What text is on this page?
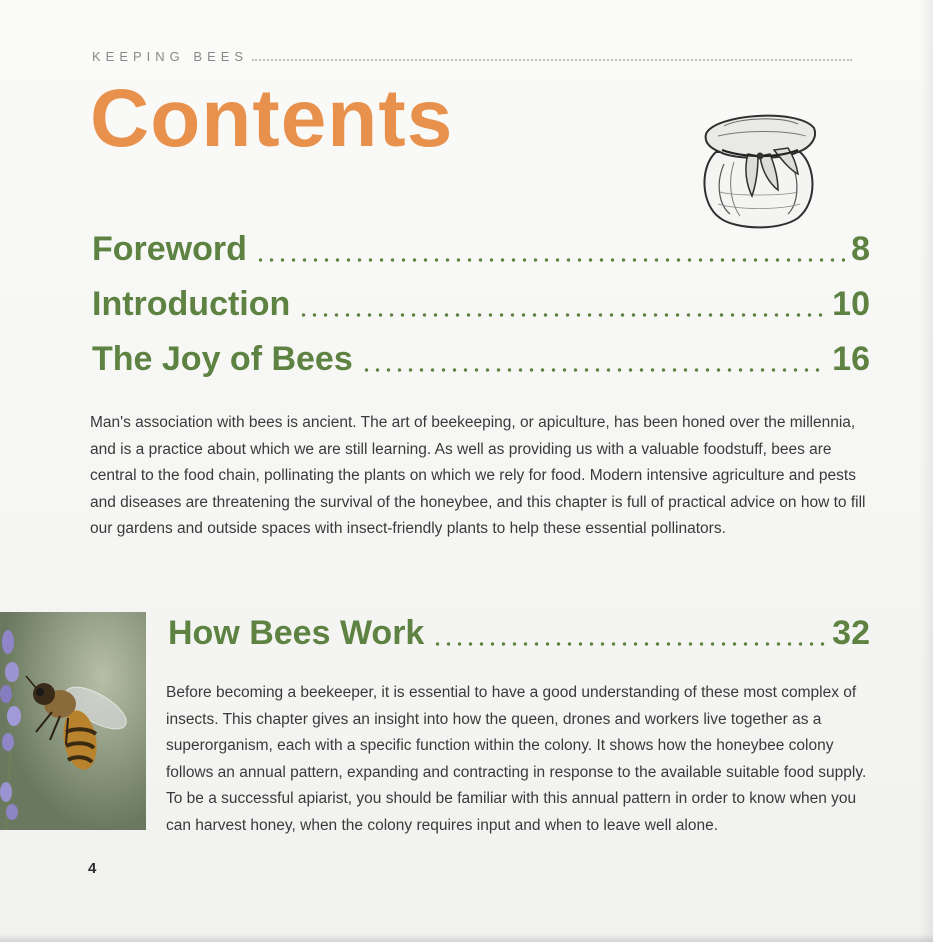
KEEPING BEES
Contents
Foreword	8
Introduction	10
The Joy of Bees	16
Man's association with bees is ancient. The art of beekeeping, or apiculture, has been honed over the millennia, and is a practice about which we are still learning. As well as providing us with a valuable foodstuff, bees are central to the food chain, pollinating the plants on which we rely for food. Modern intensive agriculture and pests and diseases are threatening the survival of the honeybee, and this chapter is full of practical advice on how to fill our gardens and outside spaces with insect-friendly plants to help these essential pollinators.
How Bees Work	32
Before becoming a beekeeper, it is essential to have a good understanding of these most complex of insects. This chapter gives an insight into how the queen, drones and workers live together as a superorganism, each with a specific function within the colony. It shows how the honeybee colony follows an annual pattern, expanding and contracting in response to the available suitable food supply. To be a successful apiarist, you should be familiar with this annual pattern in order to know when you can harvest honey, when the colony requires input and when to leave well alone.
4
